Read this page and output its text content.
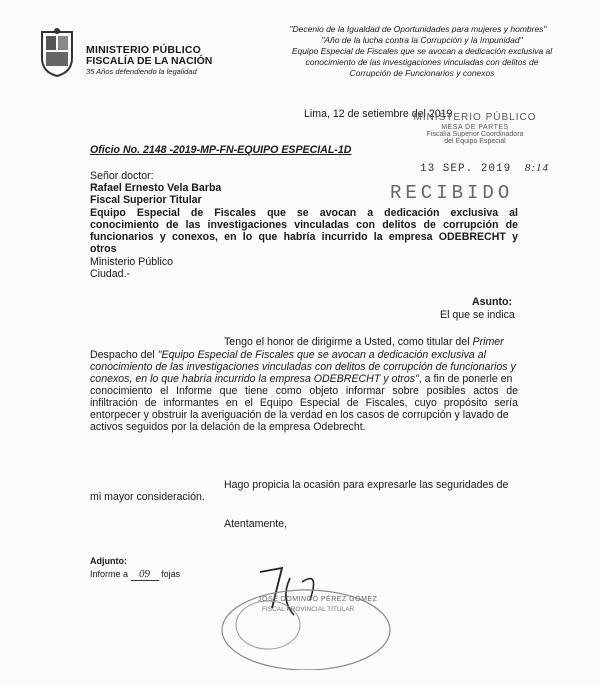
MINISTERIO PÚBLICO
FISCALÍA DE LA NACIÓN
35 Años defendiendo la legalidad
"Decenio de la Igualdad de Oportunidades para mujeres y hombres"
"Año de la lucha contra la Corrupción y la Impunidad"
Equipo Especial de Fiscales que se avocan a dedicación exclusiva al
conocimiento de las investigaciones vinculadas con delitos de
Corrupción de Funcionarios y conexos
Lima, 12 de setiembre del 2019
MINISTERIO PÚBLICO
MESA DE PARTES
Fiscalía Superior Coordinadora
del Equipo Especial
13 SEP. 2019 8:14
RECIBIDO
Oficio No. 2148 -2019-MP-FN-EQUIPO ESPECIAL-1D
Señor doctor:
Rafael Ernesto Vela Barba
Fiscal Superior Titular
Equipo Especial de Fiscales que se avocan a dedicación exclusiva al
conocimiento de las investigaciones vinculadas con delitos de corrupción de
funcionarios y conexos, en lo que habría incurrido la empresa ODEBRECHT y
otros
Ministerio Público
Ciudad.-
Asunto:
El que se indica
Tengo el honor de dirigirme a Usted, como titular del Primer
Despacho del "Equipo Especial de Fiscales que se avocan a dedicación exclusiva al
conocimiento de las investigaciones vinculadas con delitos de corrupción de funcionarios y
conexos, en lo que habría incurrido la empresa ODEBRECHT y otros", a fin de ponerle en
conocimiento el Informe que tiene como objeto informar sobre posibles actos de
infiltración de informantes en el Equipo Especial de Fiscales, cuyo propósito sería
entorpecer y obstruir la averiguación de la verdad en los casos de corrupción y lavado de
activos seguidos por la delación de la empresa Odebrecht.
Hago propicia la ocasión para expresarle las seguridades de
mi mayor consideración.
Atentamente,
Adjunto:
Informe a 09 fojas
JOSÉ DOMINGO PÉREZ GÓMEZ
FISCAL PROVINCIAL TITULAR
